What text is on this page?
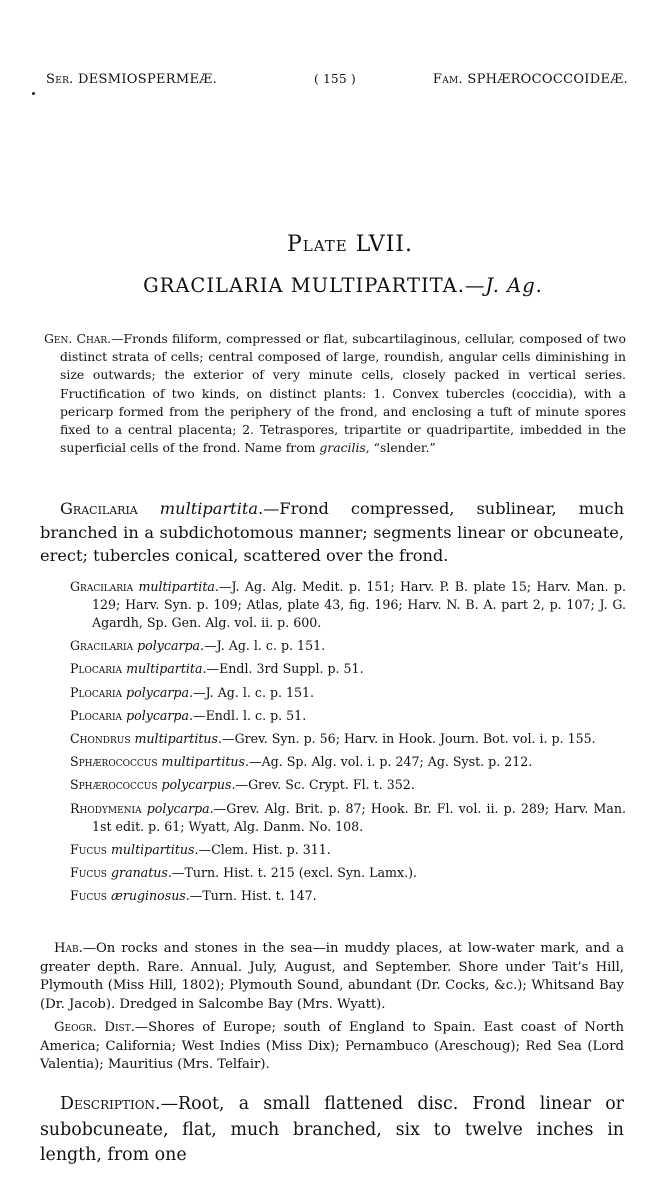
Ser. DESMIOSPERMEÆ.	( 155 )	Fam. SPHÆROCOCCOIDEÆ.
Plate LVII.
GRACILARIA MULTIPARTITA.—J. Ag.

Gen. Char.—Fronds filiform, compressed or flat, subcartilaginous, cellular, composed of two distinct strata of cells; central composed of large, roundish, angular cells diminishing in size outwards; the exterior of very minute cells, closely packed in vertical series. Fructification of two kinds, on distinct plants: 1. Convex tubercles (coccidia), with a pericarp formed from the periphery of the frond, and enclosing a tuft of minute spores fixed to a central placenta; 2. Tetraspores, tripartite or quadripartite, imbedded in the superficial cells of the frond. Name from gracilis, “slender.”

Gracilaria multipartita.—Frond compressed, sublinear, much branched in a subdichotomous manner; segments linear or obcuneate, erect; tubercles conical, scattered over the frond.

Gracilaria multipartita.—J. Ag. Alg. Medit. p. 151; Harv. P. B. plate 15; Harv. Man. p. 129; Harv. Syn. p. 109; Atlas, plate 43, fig. 196; Harv. N. B. A. part 2, p. 107; J. G. Agardh, Sp. Gen. Alg. vol. ii. p. 600.

Gracilaria polycarpa.—J. Ag. l. c. p. 151.

Plocaria multipartita.—Endl. 3rd Suppl. p. 51.

Plocaria polycarpa.—J. Ag. l. c. p. 151.

Plocaria polycarpa.—Endl. l. c. p. 51.

Chondrus multipartitus.—Grev. Syn. p. 56; Harv. in Hook. Journ. Bot. vol. i. p. 155.

Sphærococcus multipartitus.—Ag. Sp. Alg. vol. i. p. 247; Ag. Syst. p. 212.

Sphærococcus polycarpus.—Grev. Sc. Crypt. Fl. t. 352.

Rhodymenia polycarpa.—Grev. Alg. Brit. p. 87; Hook. Br. Fl. vol. ii. p. 289; Harv. Man. 1st edit. p. 61; Wyatt, Alg. Danm. No. 108.

Fucus multipartitus.—Clem. Hist. p. 311.

Fucus granatus.—Turn. Hist. t. 215 (excl. Syn. Lamx.).

Fucus æruginosus.—Turn. Hist. t. 147.

Hab.—On rocks and stones in the sea—in muddy places, at low-water mark, and a greater depth. Rare. Annual. July, August, and September. Shore under Tait’s Hill, Plymouth (Miss Hill, 1802); Plymouth Sound, abundant (Dr. Cocks, &c.); Whitsand Bay (Dr. Jacob). Dredged in Salcombe Bay (Mrs. Wyatt).

Geogr. Dist.—Shores of Europe; south of England to Spain. East coast of North America; California; West Indies (Miss Dix); Pernambuco (Areschoug); Red Sea (Lord Valentia); Mauritius (Mrs. Telfair).

Description.—Root, a small flattened disc. Frond linear or subobcuneate, flat, much branched, six to twelve inches in length, from one
